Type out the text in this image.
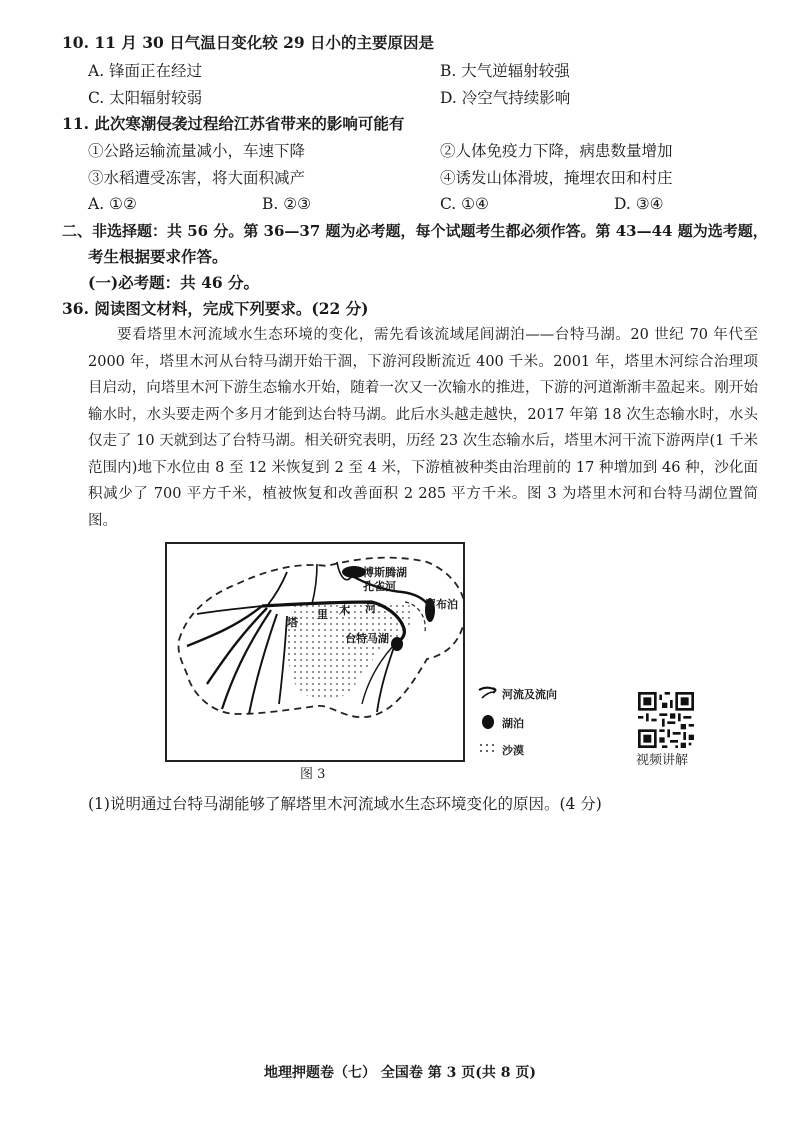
10. 11 月 30 日气温日变化较 29 日小的主要原因是
A. 锋面正在经过	B. 大气逆辐射较强
C. 太阳辐射较弱	D. 冷空气持续影响
11. 此次寒潮侵袭过程给江苏省带来的影响可能有
①公路运输流量减小，车速下降	②人体免疫力下降，病患数量增加
③水稻遭受冻害，将大面积减产	④诱发山体滑坡，掩埋农田和村庄
A. ①②	B. ②③	C. ①④	D. ③④
二、非选择题：共 56 分。第 36—37 题为必考题，每个试题考生都必须作答。第 43—44 题为选考题，
考生根据要求作答。
(一)必考题：共 46 分。
36. 阅读图文材料，完成下列要求。(22 分)

要看塔里木河流域水生态环境的变化，需先看该流域尾闾湖泊——台特马湖。20 世纪 70 年代至 2000 年，塔里木河从台特马湖开始干涸，下游河段断流近 400 千米。2001 年，塔里木河综合治理项目启动，向塔里木河下游生态输水开始，随着一次又一次输水的推进，下游的河道渐渐丰盈起来。刚开始输水时，水头要走两个多月才能到达台特马湖。此后水头越走越快，2017 年第 18 次生态输水时，水头仅走了 10 天就到达了台特马湖。相关研究表明，历经 23 次生态输水后，塔里木河干流下游两岸(1 千米范围内)地下水位由 8 至 12 米恢复到 2 至 4 米，下游植被种类由治理前的 17 种增加到 46 种，沙化面积减少了 700 平方千米，植被恢复和改善面积 2 285 平方千米。图 3 为塔里木河和台特马湖位置简图。

博斯腾湖
孔雀河
罗布泊
塔
里 木 河
台特马湖
河流及流向
湖泊
沙漠
图 3
视频讲解
(1)说明通过台特马湖能够了解塔里木河流域水生态环境变化的原因。(4 分)
地理押题卷（七） 全国卷 第 3 页(共 8 页)
